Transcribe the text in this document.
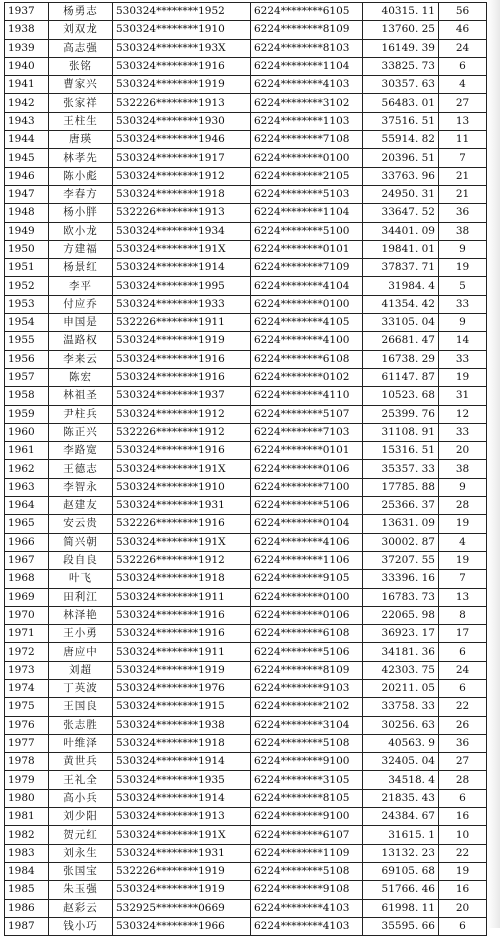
1937	杨勇志	530324********1952	6224********6105	40315. 11	56
1938	刘双龙	530324********1910	6224********8109	13760. 25	46
1939	高志强	530324********193X	6224********8103	16149. 39	24
1940	张铭	530324********1916	6224********1104	33825. 73	6
1941	曹家兴	530324********1919	6224********4103	30357. 63	4
1942	张家祥	532226********1913	6224********3102	56483. 01	27
1943	王柱生	530324********1930	6224********1103	37516. 51	13
1944	唐瑛	530324********1946	6224********7108	55914. 82	11
1945	林孝先	530324********1917	6224********0100	20396. 51	7
1946	陈小彪	530324********1912	6224********2105	33763. 96	21
1947	李春方	530324********1918	6224********5103	24950. 31	21
1948	杨小胖	532226********1913	6224********1104	33647. 52	36
1949	欧小龙	530324********1934	6224********5100	34401. 09	38
1950	方建福	530324********191X	6224********0101	19841. 01	9
1951	杨景红	530324********1914	6224********7109	37837. 71	19
1952	李平	530324********1995	6224********4104	31984. 4	5
1953	付应乔	530324********1933	6224********0100	41354. 42	33
1954	申国是	532226********1911	6224********4105	33105. 04	9
1955	温路权	530324********1919	6224********4100	26681. 47	14
1956	李来云	530324********1916	6224********6108	16738. 29	33
1957	陈宏	530324********1916	6224********0102	61147. 87	19
1958	林祖圣	530324********1937	6224********4110	10523. 68	31
1959	尹柱兵	530324********1912	6224********5107	25399. 76	12
1960	陈正兴	532226********1912	6224********7103	31108. 91	33
1961	李路宽	530324********1916	6224********0101	15316. 51	20
1962	王德志	530324********191X	6224********0106	35357. 33	38
1963	李智永	530324********1910	6224********7100	17785. 88	9
1964	赵建友	530324********1931	6224********5106	25366. 37	28
1965	安云贵	532226********1916	6224********0104	13631. 09	19
1966	简兴朝	530324********191X	6224********4106	30002. 87	4
1967	段自良	532226********1912	6224********1106	37207. 55	19
1968	叶飞	530324********1918	6224********9105	33396. 16	7
1969	田利江	530324********1911	6224********0100	16783. 73	13
1970	林泽艳	530324********1916	6224********0106	22065. 98	8
1971	王小勇	530324********1916	6224********6108	36923. 17	17
1972	唐应中	530324********1911	6224********5106	34181. 36	6
1973	刘超	530324********1919	6224********8109	42303. 75	24
1974	丁英波	530324********1976	6224********9103	20211. 05	6
1975	王国良	530324********1915	6224********2102	33758. 33	22
1976	张志胜	530324********1938	6224********3104	30256. 63	26
1977	叶维泽	530324********1918	6224********5108	40563. 9	36
1978	黄世兵	530324********1914	6224********9100	32405. 04	27
1979	王礼全	530324********1935	6224********3105	34518. 4	28
1980	高小兵	530324********1914	6224********8105	21835. 43	6
1981	刘少阳	530324********1913	6224********9100	24384. 67	16
1982	贺元红	530324********191X	6224********6107	31615. 1	10
1983	刘永生	530324********1931	6224********1109	13132. 23	22
1984	张国宝	532226********1919	6224********5108	69105. 68	19
1985	朱玉强	530324********1919	6224********9108	51766. 46	16
1986	赵彩云	532925********0669	6224********4103	61998. 11	20
1987	钱小巧	530324********1966	6224********4103	35595. 66	6
